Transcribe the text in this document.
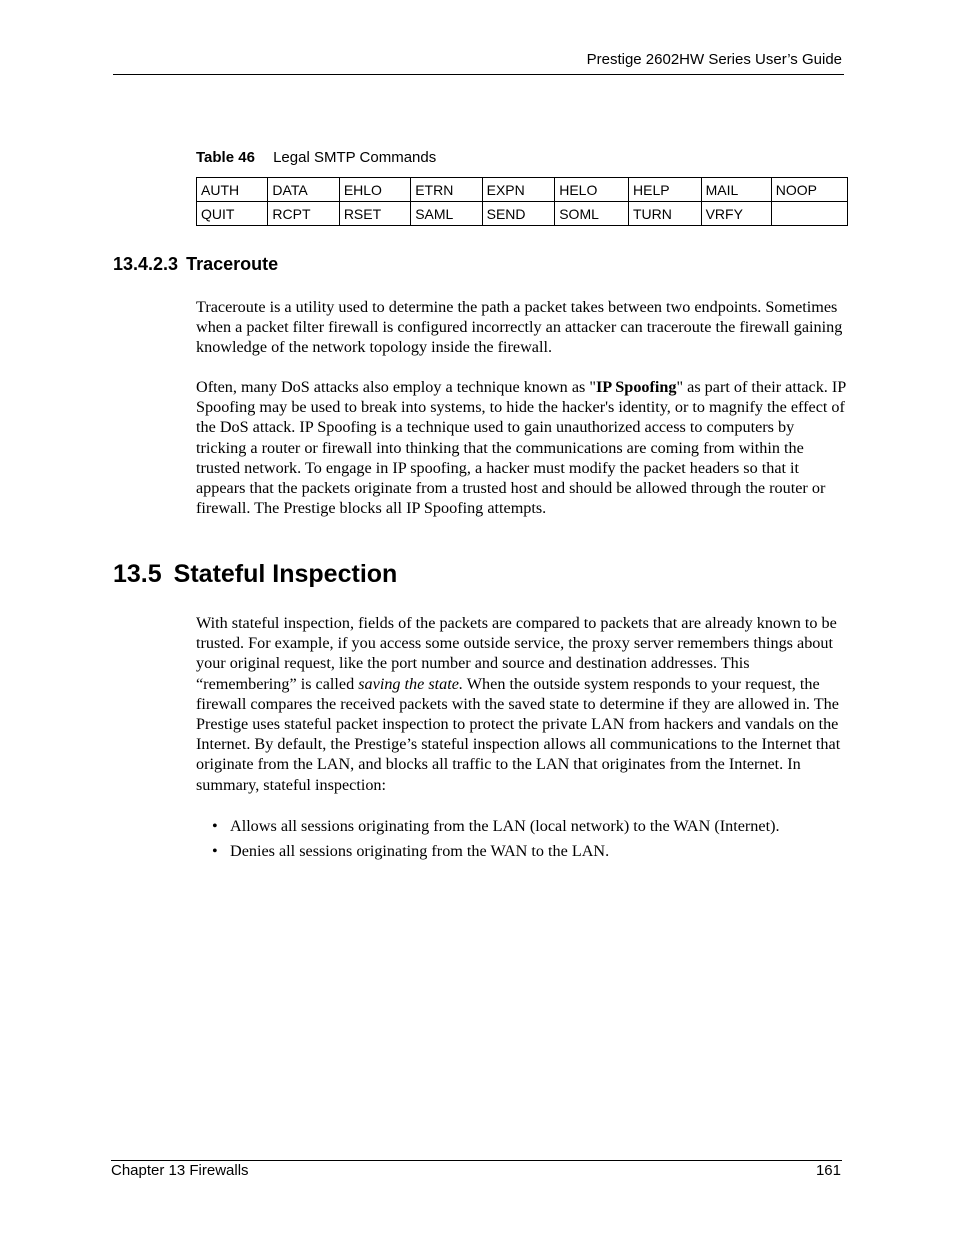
Prestige 2602HW Series User’s Guide
Table 46 Legal SMTP Commands
AUTH	DATA	EHLO	ETRN	EXPN	HELO	HELP	MAIL	NOOP
QUIT	RCPT	RSET	SAML	SEND	SOML	TURN	VRFY	
13.4.2.3 Traceroute

Traceroute is a utility used to determine the path a packet takes between two endpoints. Sometimes when a packet filter firewall is configured incorrectly an attacker can traceroute the firewall gaining knowledge of the network topology inside the firewall.

Often, many DoS attacks also employ a technique known as "IP Spoofing" as part of their attack. IP Spoofing may be used to break into systems, to hide the hacker's identity, or to magnify the effect of the DoS attack. IP Spoofing is a technique used to gain unauthorized access to computers by tricking a router or firewall into thinking that the communications are coming from within the trusted network. To engage in IP spoofing, a hacker must modify the packet headers so that it appears that the packets originate from a trusted host and should be allowed through the router or firewall. The Prestige blocks all IP Spoofing attempts.

13.5 Stateful Inspection

With stateful inspection, fields of the packets are compared to packets that are already known to be trusted. For example, if you access some outside service, the proxy server remembers things about your original request, like the port number and source and destination addresses. This “remembering” is called saving the state. When the outside system responds to your request, the firewall compares the received packets with the saved state to determine if they are allowed in. The Prestige uses stateful packet inspection to protect the private LAN from hackers and vandals on the Internet. By default, the Prestige’s stateful inspection allows all communications to the Internet that originate from the LAN, and blocks all traffic to the LAN that originates from the Internet. In summary, stateful inspection:

• Allows all sessions originating from the LAN (local network) to the WAN (Internet).
• Denies all sessions originating from the WAN to the LAN.
Chapter 13 Firewalls	161
